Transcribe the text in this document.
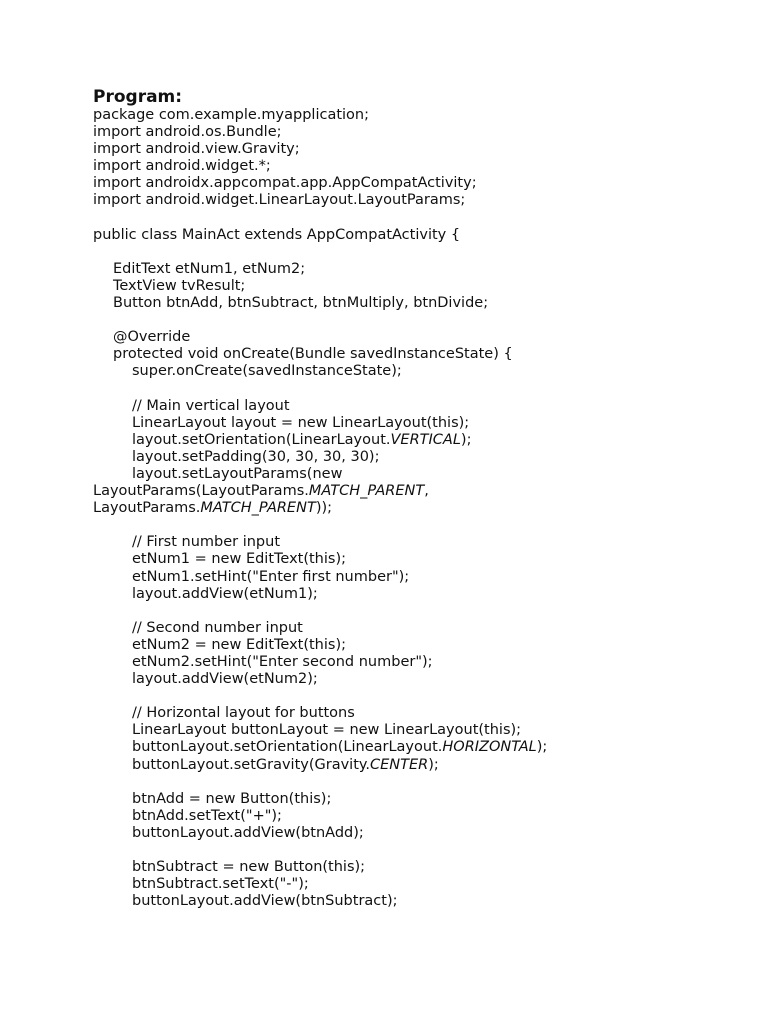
Program:
package com.example.myapplication;
import android.os.Bundle;
import android.view.Gravity;
import android.widget.*;
import androidx.appcompat.app.AppCompatActivity;
import android.widget.LinearLayout.LayoutParams;
public class MainAct extends AppCompatActivity {
EditText etNum1, etNum2;
TextView tvResult;
Button btnAdd, btnSubtract, btnMultiply, btnDivide;
@Override
protected void onCreate(Bundle savedInstanceState) {
super.onCreate(savedInstanceState);
// Main vertical layout
LinearLayout layout = new LinearLayout(this);
layout.setOrientation(LinearLayout.VERTICAL);
layout.setPadding(30, 30, 30, 30);
layout.setLayoutParams(new
LayoutParams(LayoutParams.MATCH_PARENT,
LayoutParams.MATCH_PARENT));
// First number input
etNum1 = new EditText(this);
etNum1.setHint("Enter first number");
layout.addView(etNum1);
// Second number input
etNum2 = new EditText(this);
etNum2.setHint("Enter second number");
layout.addView(etNum2);
// Horizontal layout for buttons
LinearLayout buttonLayout = new LinearLayout(this);
buttonLayout.setOrientation(LinearLayout.HORIZONTAL);
buttonLayout.setGravity(Gravity.CENTER);
btnAdd = new Button(this);
btnAdd.setText("+");
buttonLayout.addView(btnAdd);
btnSubtract = new Button(this);
btnSubtract.setText("-");
buttonLayout.addView(btnSubtract);
